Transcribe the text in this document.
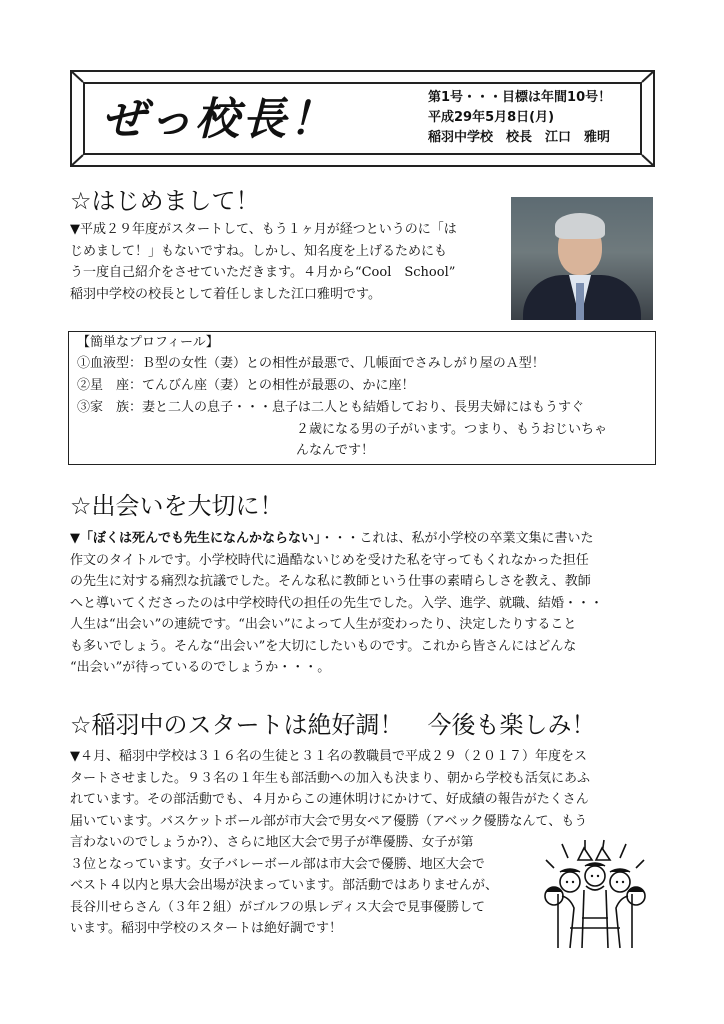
ぜっ校長！	第1号・・・目標は年間10号！
平成29年5月8日(月)
稲羽中学校　校長　江口　雅明
☆はじめまして！
▼平成２９年度がスタートして、もう１ヶ月が経つというのに「は
じめまして！」もないですね。しかし、知名度を上げるためにも
う一度自己紹介をさせていただきます。４月から“Cool　School”
稲羽中学校の校長として着任しました江口雅明です。
【簡単なプロフィール】
①血液型：Ｂ型の女性（妻）との相性が最悪で、几帳面でさみしがり屋のＡ型！
②星　座：てんびん座（妻）との相性が最悪の、かに座！
③家　族：妻と二人の息子・・・息子は二人とも結婚しており、長男夫婦にはもうすぐ
２歳になる男の子がいます。つまり、もうおじいちゃ
んなんです！
☆出会いを大切に！
▼「ぼくは死んでも先生になんかならない」・・・これは、私が小学校の卒業文集に書いた
作文のタイトルです。小学校時代に過酷ないじめを受けた私を守ってもくれなかった担任
の先生に対する痛烈な抗議でした。そんな私に教師という仕事の素晴らしさを教え、教師
へと導いてくださったのは中学校時代の担任の先生でした。入学、進学、就職、結婚・・・
人生は“出会い”の連続です。“出会い”によって人生が変わったり、決定したりすること
も多いでしょう。そんな“出会い”を大切にしたいものです。これから皆さんにはどんな
“出会い”が待っているのでしょうか・・・。
☆稲羽中のスタートは絶好調！　今後も楽しみ！
▼４月、稲羽中学校は３１６名の生徒と３１名の教職員で平成２９（２０１７）年度をス
タートさせました。９３名の１年生も部活動への加入も決まり、朝から学校も活気にあふ
れています。その部活動でも、４月からこの連休明けにかけて、好成績の報告がたくさん
届いています。バスケットボール部が市大会で男女ペア優勝（アベック優勝なんて、もう
言わないのでしょうか?）、さらに地区大会で男子が準優勝、女子が第
３位となっています。女子バレーボール部は市大会で優勝、地区大会で
ベスト４以内と県大会出場が決まっています。部活動ではありませんが、
長谷川せらさん（３年２組）がゴルフの県レディス大会で見事優勝して
います。稲羽中学校のスタートは絶好調です！
